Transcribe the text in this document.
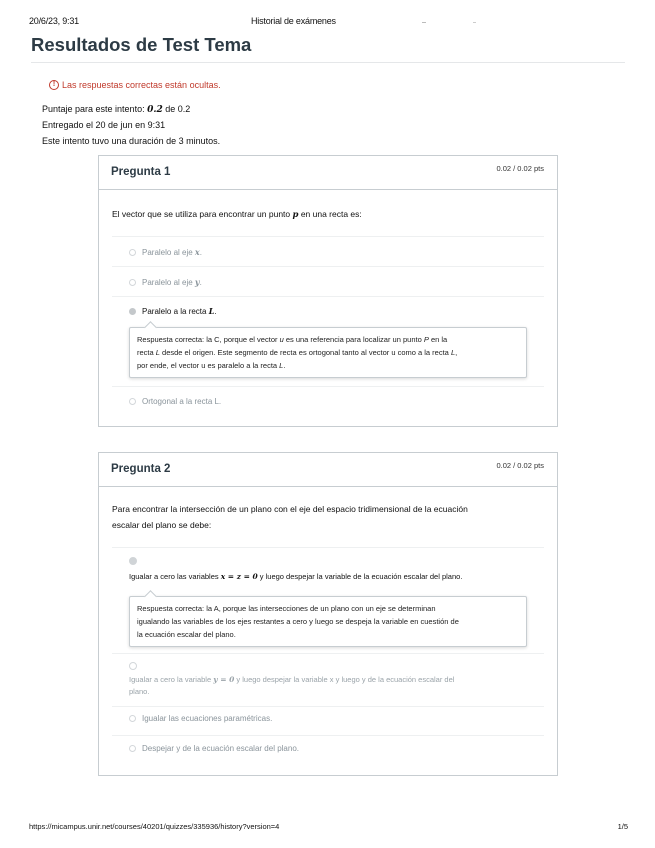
20/6/23, 9:31	Historial de exámenes
Resultados de Test Tema
! Las respuestas correctas están ocultas.
Puntaje para este intento: 0.2 de 0.2
Entregado el 20 de jun en 9:31
Este intento tuvo una duración de 3 minutos.
Pregunta 1	0.02 / 0.02 pts
El vector que se utiliza para encontrar un punto p en una recta es:
Paralelo al eje x.
Paralelo al eje y.
Paralelo a la recta L.
Ortogonal a la recta L.
Respuesta correcta: la C, porque el vector u es una referencia para localizar un punto P en la
recta L desde el origen. Este segmento de recta es ortogonal tanto al vector u como a la recta L,
por ende, el vector u es paralelo a la recta L.
Pregunta 2	0.02 / 0.02 pts
Para encontrar la intersección de un plano con el eje del espacio tridimensional de la ecuación
escalar del plano se debe:
Igualar a cero las variables x = z = 0 y luego despejar la variable de la ecuación escalar del plano.
Respuesta correcta: la A, porque las intersecciones de un plano con un eje se determinan
igualando las variables de los ejes restantes a cero y luego se despeja la variable en cuestión de
la ecuación escalar del plano.
Igualar a cero la variable y = 0 y luego despejar la variable x y luego y de la ecuación escalar del
plano.
Igualar las ecuaciones paramétricas.
Despejar y de la ecuación escalar del plano.
https://micampus.unir.net/courses/40201/quizzes/335936/history?version=4	1/5
